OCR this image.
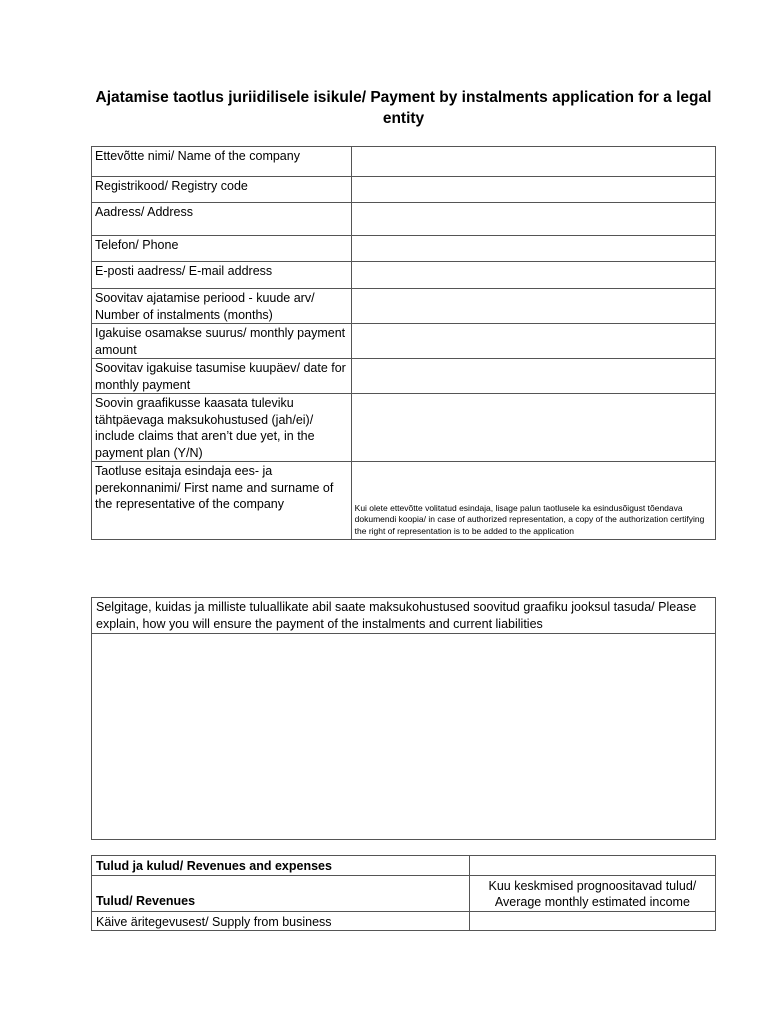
Ajatamise taotlus juriidilisele isikule/ Payment by instalments application for a legal entity
Ettevõtte nimi/ Name of the company	
Registrikood/ Registry code	
Aadress/ Address	
Telefon/ Phone	
E-posti aadress/ E-mail address	
Soovitav ajatamise periood - kuude arv/ Number of instalments (months)	
Igakuise osamakse suurus/ monthly payment amount	
Soovitav igakuise tasumise kuupäev/ date for monthly payment	
Soovin graafikusse kaasata tuleviku tähtpäevaga maksukohustused (jah/ei)/ include claims that aren’t due yet, in the payment plan (Y/N)	
Taotluse esitaja esindaja ees- ja perekonnanimi/ First name and surname of the representative of the company	Kui olete ettevõtte volitatud esindaja, lisage palun taotlusele ka esindusõigust tõendava dokumendi koopia/ in case of authorized representation, a copy of the authorization certifying the right of representation is to be added to the application
Selgitage, kuidas ja milliste tuluallikate abil saate maksukohustused soovitud graafiku jooksul tasuda/ Please explain, how you will ensure the payment of the instalments and current liabilities

Tulud ja kulud/ Revenues and expenses	
Tulud/ Revenues	Kuu keskmised prognoositavad tulud/ Average monthly estimated income
Käive äritegevusest/ Supply from business	
